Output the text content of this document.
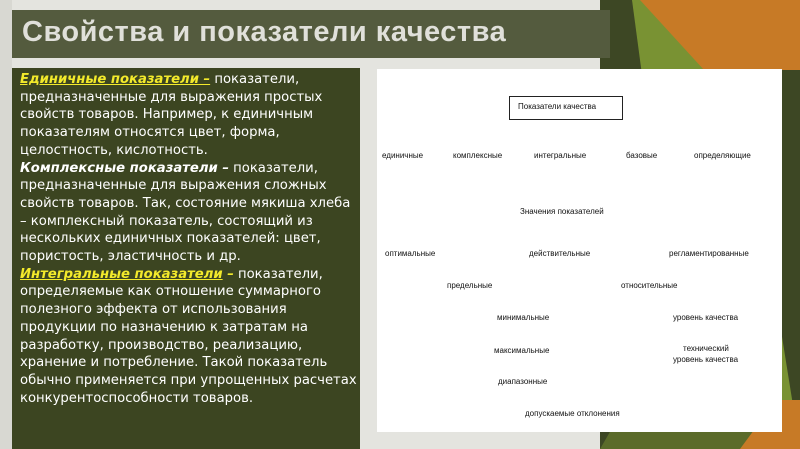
Свойства и показатели качества
Единичные показатели – показатели, предназначенные для выражения простых свойств товаров. Например, к единичным показателям относятся цвет, форма, целостность, кислотность.
Комплексные показатели – показатели, предназначенные для выражения сложных свойств товаров. Так, состояние мякиша хлеба – комплексный показатель, состоящий из нескольких единичных показателей: цвет, пористость, эластичность и др.
Интегральные показатели – показатели, определяемые как отношение суммарного полезного эффекта от использования продукции по назначению к затратам на разработку, производство, реализацию, хранение и потребление. Такой показатель обычно применяется при упрощенных расчетах конкурентоспособности товаров.
Показатели качества
единичные	комплексные	интегральные	базовые	определяющие
Значения показателей
оптимальные	действительные	регламентированные
предельные	относительные
минимальные	уровень качества
максимальные	технический
уровень качества
диапазонные
допускаемые отклонения
